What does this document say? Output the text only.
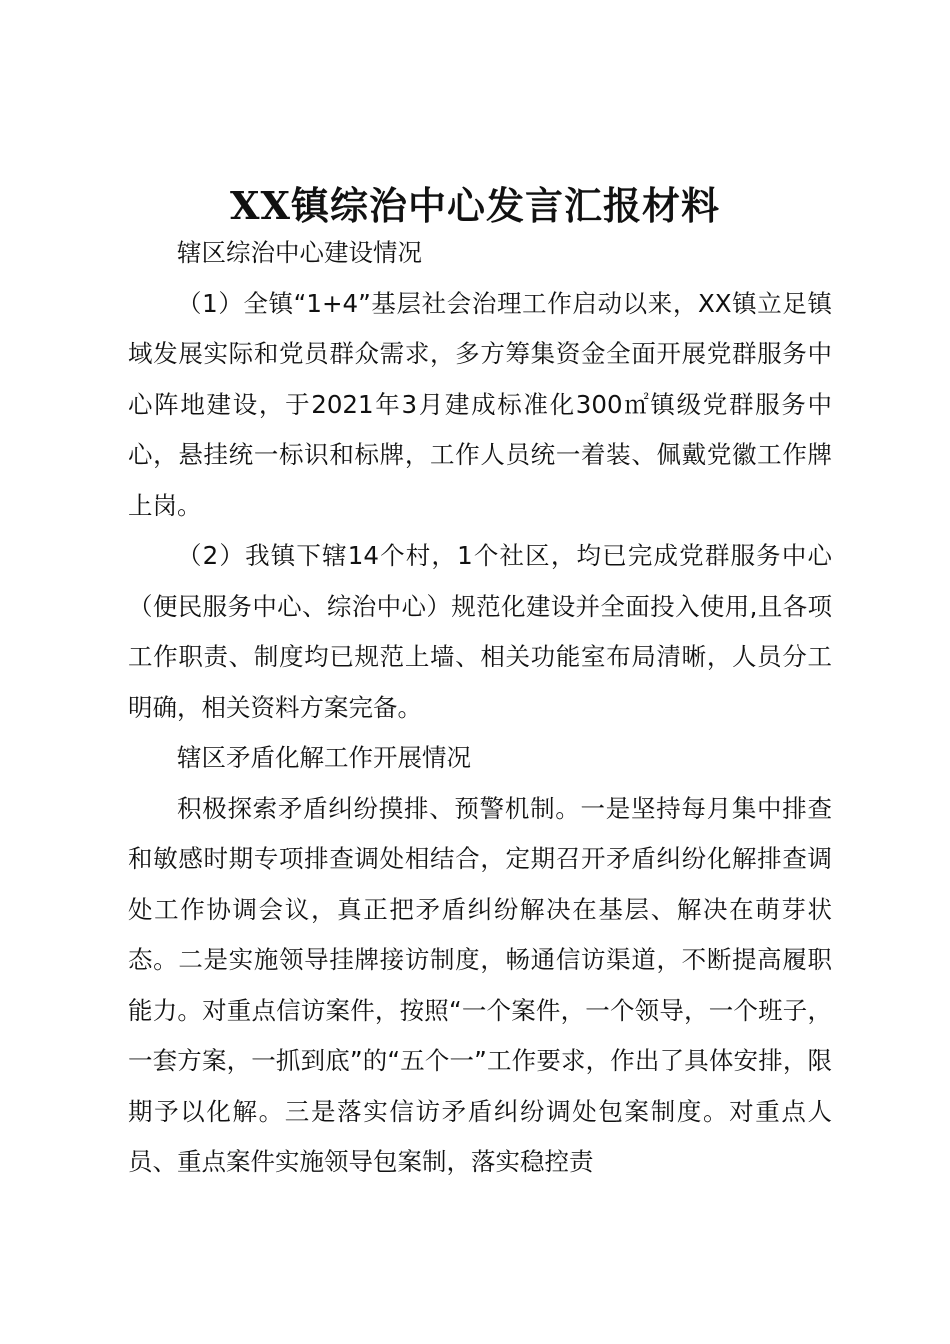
XX镇综治中心发言汇报材料

辖区综治中心建设情况

（1）全镇“1+4”基层社会治理工作启动以来，XX镇立足镇域发展实际和党员群众需求，多方筹集资金全面开展党群服务中心阵地建设，于2021年3月建成标准化300㎡镇级党群服务中心，悬挂统一标识和标牌，工作人员统一着装、佩戴党徽工作牌上岗。

（2）我镇下辖14个村，1个社区，均已完成党群服务中心（便民服务中心、综治中心）规范化建设并全面投入使用,且各项工作职责、制度均已规范上墙、相关功能室布局清晰，人员分工明确，相关资料方案完备。

辖区矛盾化解工作开展情况

积极探索矛盾纠纷摸排、预警机制。一是坚持每月集中排查和敏感时期专项排查调处相结合，定期召开矛盾纠纷化解排查调处工作协调会议，真正把矛盾纠纷解决在基层、解决在萌芽状态。二是实施领导挂牌接访制度，畅通信访渠道，不断提高履职能力。对重点信访案件，按照“一个案件，一个领导，一个班子，一套方案，一抓到底”的“五个一”工作要求，作出了具体安排，限期予以化解。三是落实信访矛盾纠纷调处包案制度。对重点人员、重点案件实施领导包案制，落实稳控责
